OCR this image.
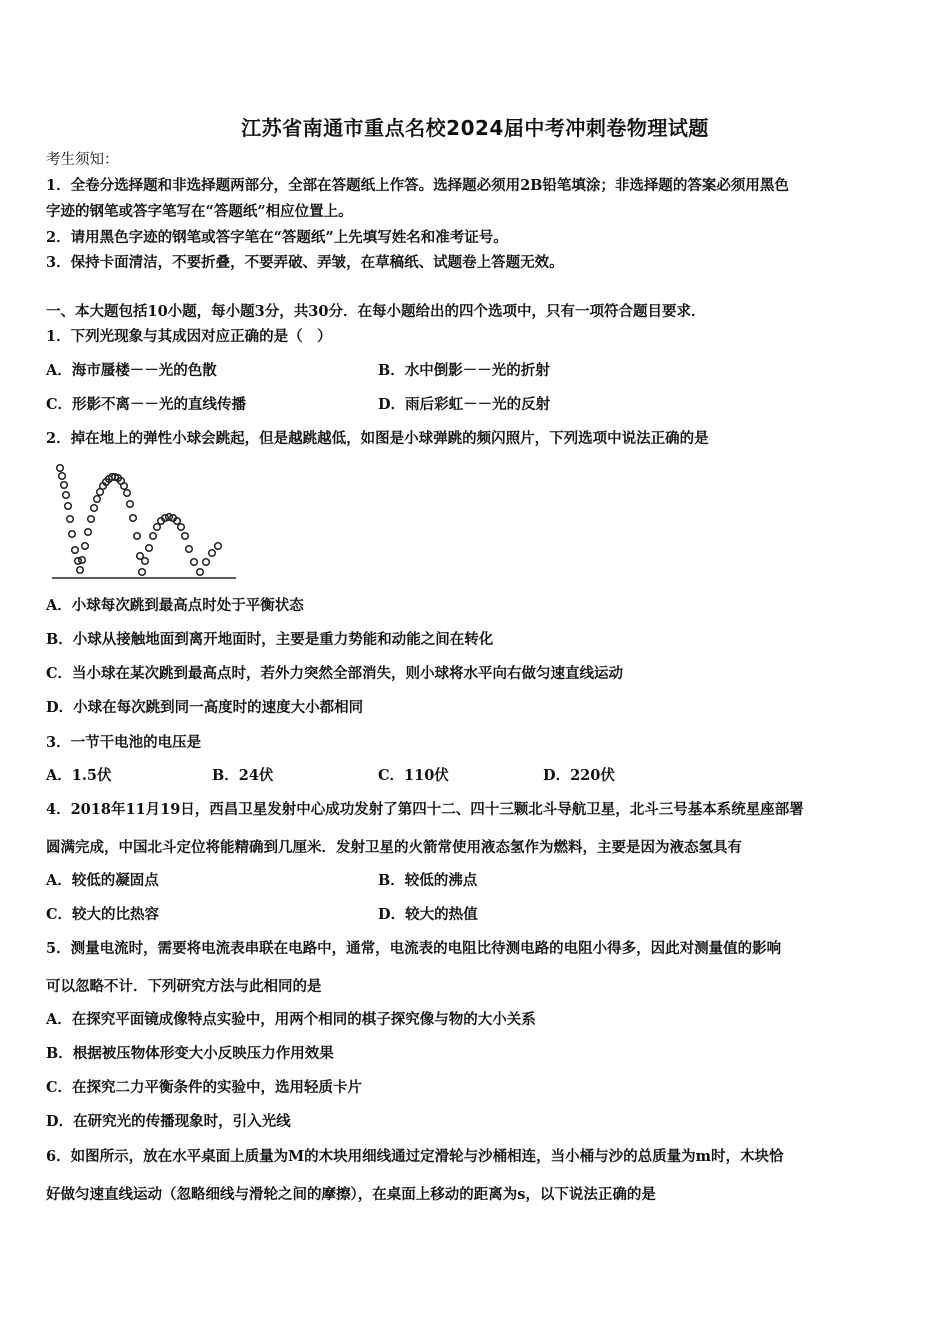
江苏省南通市重点名校2024届中考冲刺卷物理试题
考生须知：
1．全卷分选择题和非选择题两部分，全部在答题纸上作答。选择题必须用2B铅笔填涂；非选择题的答案必须用黑色
字迹的钢笔或答字笔写在“答题纸”相应位置上。
2．请用黑色字迹的钢笔或答字笔在“答题纸”上先填写姓名和准考证号。
3．保持卡面清洁，不要折叠，不要弄破、弄皱，在草稿纸、试题卷上答题无效。
一、本大题包括10小题，每小题3分，共30分．在每小题给出的四个选项中，只有一项符合题目要求．
1．下列光现象与其成因对应正确的是（　）
A．海市蜃楼－－光的色散	B．水中倒影－－光的折射
C．形影不离－－光的直线传播	D．雨后彩虹－－光的反射
2．掉在地上的弹性小球会跳起，但是越跳越低，如图是小球弹跳的频闪照片，下列选项中说法正确的是
A．小球每次跳到最高点时处于平衡状态
B．小球从接触地面到离开地面时，主要是重力势能和动能之间在转化
C．当小球在某次跳到最高点时，若外力突然全部消失，则小球将水平向右做匀速直线运动
D．小球在每次跳到同一高度时的速度大小都相同
3．一节干电池的电压是
A．1.5伏	B．24伏	C．110伏	D．220伏
4．2018年11月19日，西昌卫星发射中心成功发射了第四十二、四十三颗北斗导航卫星，北斗三号基本系统星座部署
圆满完成，中国北斗定位将能精确到几厘米．发射卫星的火箭常使用液态氢作为燃料，主要是因为液态氢具有
A．较低的凝固点	B．较低的沸点
C．较大的比热容	D．较大的热值
5．测量电流时，需要将电流表串联在电路中，通常，电流表的电阻比待测电路的电阻小得多，因此对测量值的影响
可以忽略不计．下列研究方法与此相同的是
A．在探究平面镜成像特点实验中，用两个相同的棋子探究像与物的大小关系
B．根据被压物体形变大小反映压力作用效果
C．在探究二力平衡条件的实验中，选用轻质卡片
D．在研究光的传播现象时，引入光线
6．如图所示，放在水平桌面上质量为M的木块用细线通过定滑轮与沙桶相连，当小桶与沙的总质量为m时，木块恰
好做匀速直线运动（忽略细线与滑轮之间的摩擦），在桌面上移动的距离为s，以下说法正确的是
